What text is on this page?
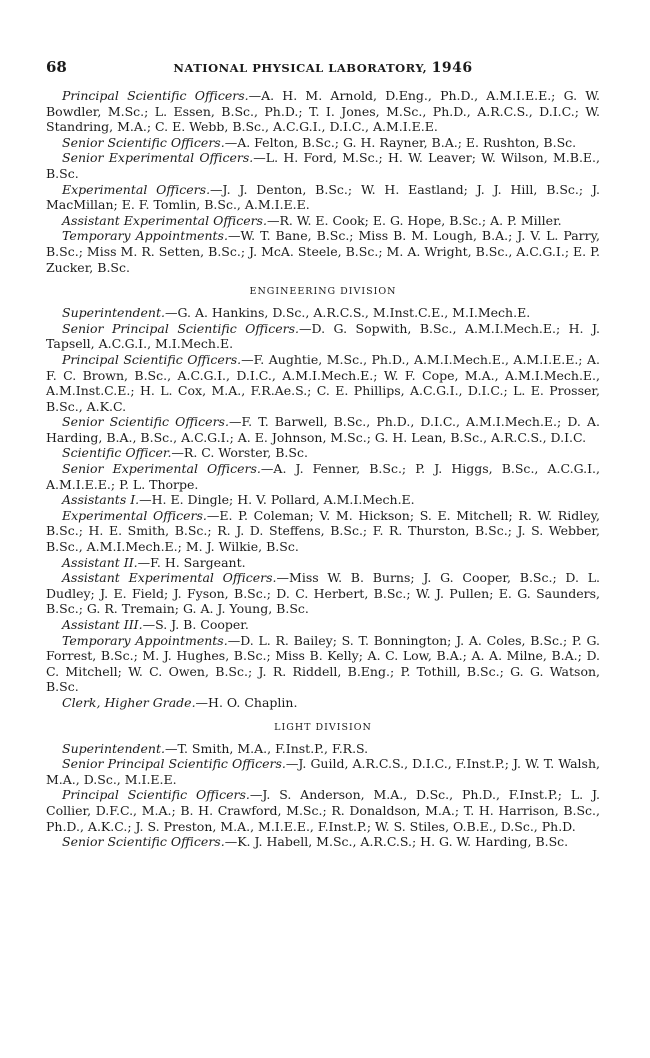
68	NATIONAL PHYSICAL LABORATORY, 1946

Principal Scientific Officers.—A. H. M. Arnold, D.Eng., Ph.D., A.M.I.E.E.; G. W. Bowdler, M.Sc.; L. Essen, B.Sc., Ph.D.; T. I. Jones, M.Sc., Ph.D., A.R.C.S., D.I.C.; W. Standring, M.A.; C. E. Webb, B.Sc., A.C.G.I., D.I.C., A.M.I.E.E.

Senior Scientific Officers.—A. Felton, B.Sc.; G. H. Rayner, B.A.; E. Rushton, B.Sc.

Senior Experimental Officers.—L. H. Ford, M.Sc.; H. W. Leaver; W. Wilson, M.B.E., B.Sc.

Experimental Officers.—J. J. Denton, B.Sc.; W. H. Eastland; J. J. Hill, B.Sc.; J. MacMillan; E. F. Tomlin, B.Sc., A.M.I.E.E.

Assistant Experimental Officers.—R. W. E. Cook; E. G. Hope, B.Sc.; A. P. Miller.

Temporary Appointments.—W. T. Bane, B.Sc.; Miss B. M. Lough, B.A.; J. V. L. Parry, B.Sc.; Miss M. R. Setten, B.Sc.; J. McA. Steele, B.Sc.; M. A. Wright, B.Sc., A.C.G.I.; E. P. Zucker, B.Sc.

ENGINEERING DIVISION

Superintendent.—G. A. Hankins, D.Sc., A.R.C.S., M.Inst.C.E., M.I.Mech.E.

Senior Principal Scientific Officers.—D. G. Sopwith, B.Sc., A.M.I.Mech.E.; H. J. Tapsell, A.C.G.I., M.I.Mech.E.

Principal Scientific Officers.—F. Aughtie, M.Sc., Ph.D., A.M.I.Mech.E., A.M.I.E.E.; A. F. C. Brown, B.Sc., A.C.G.I., D.I.C., A.M.I.Mech.E.; W. F. Cope, M.A., A.M.I.Mech.E., A.M.Inst.C.E.; H. L. Cox, M.A., F.R.Ae.S.; C. E. Phillips, A.C.G.I., D.I.C.; L. E. Prosser, B.Sc., A.K.C.

Senior Scientific Officers.—F. T. Barwell, B.Sc., Ph.D., D.I.C., A.M.I.Mech.E.; D. A. Harding, B.A., B.Sc., A.C.G.I.; A. E. Johnson, M.Sc.; G. H. Lean, B.Sc., A.R.C.S., D.I.C.

Scientific Officer.—R. C. Worster, B.Sc.

Senior Experimental Officers.—A. J. Fenner, B.Sc.; P. J. Higgs, B.Sc., A.C.G.I., A.M.I.E.E.; P. L. Thorpe.

Assistants I.—H. E. Dingle; H. V. Pollard, A.M.I.Mech.E.

Experimental Officers.—E. P. Coleman; V. M. Hickson; S. E. Mitchell; R. W. Ridley, B.Sc.; H. E. Smith, B.Sc.; R. J. D. Steffens, B.Sc.; F. R. Thurston, B.Sc.; J. S. Webber, B.Sc., A.M.I.Mech.E.; M. J. Wilkie, B.Sc.

Assistant II.—F. H. Sargeant.

Assistant Experimental Officers.—Miss W. B. Burns; J. G. Cooper, B.Sc.; D. L. Dudley; J. E. Field; J. Fyson, B.Sc.; D. C. Herbert, B.Sc.; W. J. Pullen; E. G. Saunders, B.Sc.; G. R. Tremain; G. A. J. Young, B.Sc.

Assistant III.—S. J. B. Cooper.

Temporary Appointments.—D. L. R. Bailey; S. T. Bonnington; J. A. Coles, B.Sc.; P. G. Forrest, B.Sc.; M. J. Hughes, B.Sc.; Miss B. Kelly; A. C. Low, B.A.; A. A. Milne, B.A.; D. C. Mitchell; W. C. Owen, B.Sc.; J. R. Riddell, B.Eng.; P. Tothill, B.Sc.; G. G. Watson, B.Sc.

Clerk, Higher Grade.—H. O. Chaplin.

LIGHT DIVISION

Superintendent.—T. Smith, M.A., F.Inst.P., F.R.S.

Senior Principal Scientific Officers.—J. Guild, A.R.C.S., D.I.C., F.Inst.P.; J. W. T. Walsh, M.A., D.Sc., M.I.E.E.

Principal Scientific Officers.—J. S. Anderson, M.A., D.Sc., Ph.D., F.Inst.P.; L. J. Collier, D.F.C., M.A.; B. H. Crawford, M.Sc.; R. Donaldson, M.A.; T. H. Harrison, B.Sc., Ph.D., A.K.C.; J. S. Preston, M.A., M.I.E.E., F.Inst.P.; W. S. Stiles, O.B.E., D.Sc., Ph.D.

Senior Scientific Officers.—K. J. Habell, M.Sc., A.R.C.S.; H. G. W. Harding, B.Sc.
